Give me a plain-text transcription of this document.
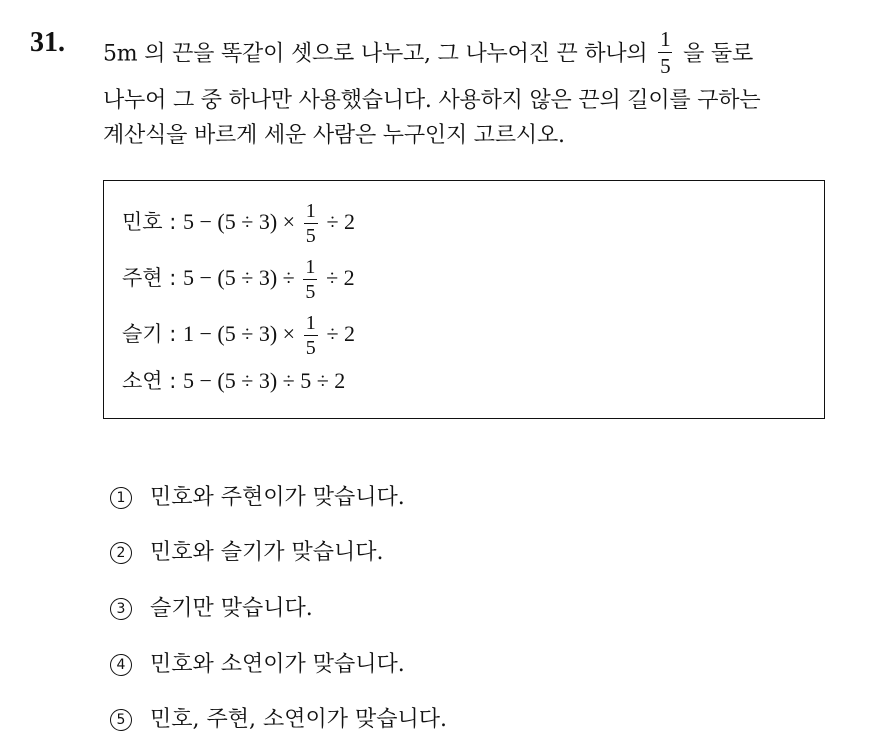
31. 5m 의 끈을 똑같이 셋으로 나누고, 그 나누어진 끈 하나의 $\frac{1}{5}$ 을 둘로
나누어 그 중 하나만 사용했습니다. 사용하지 않은 끈의 길이를 구하는
계산식을 바르게 세운 사람은 누구인지 고르시오.
민호 : $5 - (5 \div 3) \times \frac{1}{5} \div 2$
주현 : $5 - (5 \div 3) \div \frac{1}{5} \div 2$
슬기 : $1 - (5 \div 3) \times \frac{1}{5} \div 2$
소연 : 5 − (5 ÷ 3) ÷ 5 ÷ 2
1 민호와 주현이가 맞습니다.
2 민호와 슬기가 맞습니다.
3 슬기만 맞습니다.
4 민호와 소연이가 맞습니다.
5 민호, 주현, 소연이가 맞습니다.
